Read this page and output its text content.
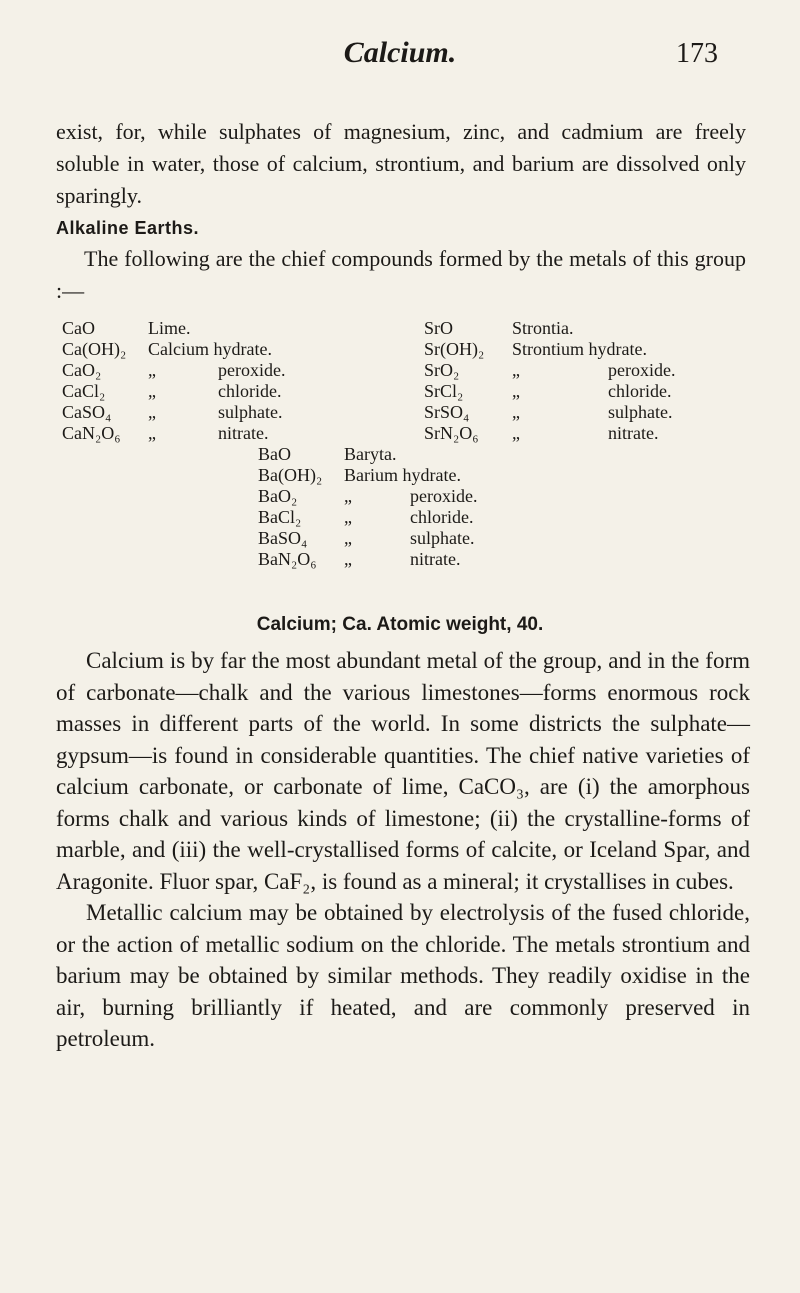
Calcium.	173
exist, for, while sulphates of magnesium, zinc, and cadmium are freely soluble in water, those of calcium, strontium, and barium are dissolved only sparingly.
Alkaline Earths.
The following are the chief compounds formed by the metals of this group :—
CaO	Lime.
Ca(OH)₂ Calcium hydrate.
CaO₂	„	peroxide.
CaCl₂ „	chloride.
CaSO₄ „	sulphate.
CaN₂O₆ „	nitrate.
SrO	Strontia.
Sr(OH)₂ Strontium hydrate.
SrO₂	„	peroxide.
SrCl₂	„	chloride.
SrSO₄ „	sulphate.
SrN₂O₆ „	nitrate.
BaO	Baryta.
Ba(OH)₂ Barium hydrate.
BaO₂	„	peroxide.
BaCl₂ „	chloride.
BaSO₄ „	sulphate.
BaN₂O₆ „	nitrate.
Calcium; Ca. Atomic weight, 40.

Calcium is by far the most abundant metal of the group, and in the form of carbonate—chalk and the various limestones—forms enormous rock masses in different parts of the world. In some districts the sulphate—gypsum—is found in considerable quantities. The chief native varieties of calcium carbonate, or carbonate of lime, CaCO₃, are (i) the amorphous forms chalk and various kinds of limestone; (ii) the crystalline-forms of marble, and (iii) the well-crystallised forms of calcite, or Iceland Spar, and Aragonite. Fluor spar, CaF₂, is found as a mineral; it crystallises in cubes.

Metallic calcium may be obtained by electrolysis of the fused chloride, or the action of metallic sodium on the chloride. The metals strontium and barium may be obtained by similar methods. They readily oxidise in the air, burning brilliantly if heated, and are commonly preserved in petroleum.
